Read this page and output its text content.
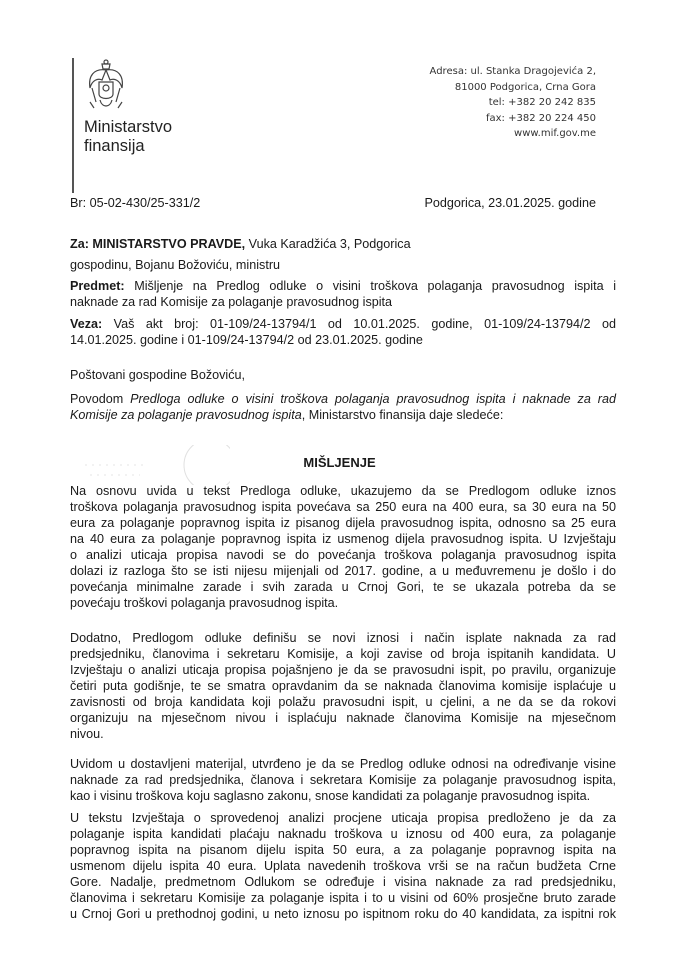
Ministarstvo
finansija
Adresa: ul. Stanka Dragojevića 2,
81000 Podgorica, Crna Gora
tel: +382 20 242 835
fax: +382 20 224 450
www.mif.gov.me
Br: 05-02-430/25-331/2	Podgorica, 23.01.2025. godine
Za: MINISTARSTVO PRAVDE, Vuka Karadžića 3, Podgorica
gospodinu, Bojanu Božoviću, ministru
Predmet: Mišljenje na Predlog odluke o visini troškova polaganja pravosudnog ispita i
naknade za rad Komisije za polaganje pravosudnog ispita
Veza: Vaš akt broj: 01-109/24-13794/1 od 10.01.2025. godine, 01-109/24-13794/2 od
14.01.2025. godine i 01-109/24-13794/2 od 23.01.2025. godine
Poštovani gospodine Božoviću,
Povodom Predloga odluke o visini troškova polaganja pravosudnog ispita i naknade za rad
Komisije za polaganje pravosudnog ispita, Ministarstvo finansija daje sledeće:
MIŠLJENJE
Na osnovu uvida u tekst Predloga odluke, ukazujemo da se Predlogom odluke iznos
troškova polaganja pravosudnog ispita povećava sa 250 eura na 400 eura, sa 30 eura na 50
eura za polaganje popravnog ispita iz pisanog dijela pravosudnog ispita, odnosno sa 25 eura
na 40 eura za polaganje popravnog ispita iz usmenog dijela pravosudnog ispita. U Izvještaju
o analizi uticaja propisa navodi se do povećanja troškova polaganja pravosudnog ispita
dolazi iz razloga što se isti nijesu mijenjali od 2017. godine, a u međuvremenu je došlo i do
povećanja minimalne zarade i svih zarada u Crnoj Gori, te se ukazala potreba da se
povećaju troškovi polaganja pravosudnog ispita.
Dodatno, Predlogom odluke definišu se novi iznosi i način isplate naknada za rad
predsjedniku, članovima i sekretaru Komisije, a koji zavise od broja ispitanih kandidata. U
Izvještaju o analizi uticaja propisa pojašnjeno je da se pravosudni ispit, po pravilu, organizuje
četiri puta godišnje, te se smatra opravdanim da se naknada članovima komisije isplaćuje u
zavisnosti od broja kandidata koji polažu pravosudni ispit, u cjelini, a ne da se da rokovi
organizuju na mjesečnom nivou i isplaćuju naknade članovima Komisije na mjesečnom
nivou.
Uvidom u dostavljeni materijal, utvrđeno je da se Predlog odluke odnosi na određivanje visine
naknade za rad predsjednika, članova i sekretara Komisije za polaganje pravosudnog ispita,
kao i visinu troškova koju saglasno zakonu, snose kandidati za polaganje pravosudnog ispita.
U tekstu Izvještaja o sprovedenoj analizi procjene uticaja propisa predloženo je da za
polaganje ispita kandidati plaćaju naknadu troškova u iznosu od 400 eura, za polaganje
popravnog ispita na pisanom dijelu ispita 50 eura, a za polaganje popravnog ispita na
usmenom dijelu ispita 40 eura. Uplata navedenih troškova vrši se na račun budžeta Crne
Gore. Nadalje, predmetnom Odlukom se određuje i visina naknade za rad predsjedniku,
članovima i sekretaru Komisije za polaganje ispita i to u visini od 60% prosječne bruto zarade
u Crnoj Gori u prethodnoj godini, u neto iznosu po ispitnom roku do 40 kandidata, za ispitni rok
